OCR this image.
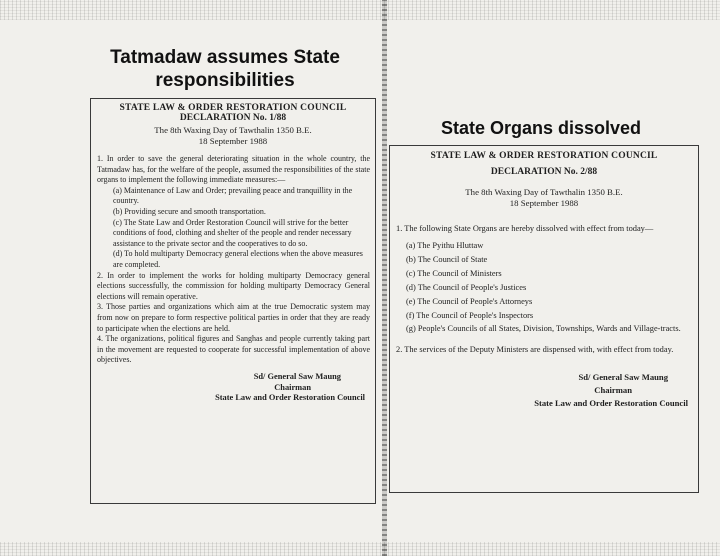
Tatmadaw assumes State responsibilities

STATE LAW & ORDER RESTORATION COUNCIL

DECLARATION No. 1/88

The 8th Waxing Day of Tawthalin 1350 B.E.

18 September 1988

1. In order to save the general deteriorating situation in the whole country, the Tatmadaw has, for the welfare of the people, assumed the responsibilities of the state organs to implement the following immediate measures:—

(a) Maintenance of Law and Order; prevailing peace and tranquillity in the country.

(b) Providing secure and smooth transportation.

(c) The State Law and Order Restoration Council will strive for the better conditions of food, clothing and shelter of the people and render necessary assistance to the private sector and the cooperatives to do so.

(d) To hold multiparty Democracy general elections when the above measures are completed.

2. In order to implement the works for holding multiparty Democracy general elections successfully, the commission for holding multiparty Democracy General elections will remain operative.

3. Those parties and organizations which aim at the true Democratic system may from now on prepare to form respective political parties in order that they are ready to participate when the elections are held.

4. The organizations, political figures and Sanghas and people currently taking part in the movement are requested to cooperate for successful implementation of above objectives.

Sd/ General Saw Maung

Chairman

State Law and Order Restoration Council

State Organs dissolved

STATE LAW & ORDER RESTORATION COUNCIL

DECLARATION No. 2/88

The 8th Waxing Day of Tawthalin 1350 B.E.

18 September 1988

1. The following State Organs are hereby dissolved with effect from today—

(a) The Pyithu Hluttaw

(b) The Council of State

(c) The Council of Ministers

(d) The Council of People's Justices

(e) The Council of People's Attorneys

(f) The Council of People's Inspectors

(g) People's Councils of all States, Division, Townships, Wards and Village-tracts.

2. The services of the Deputy Ministers are dispensed with, with effect from today.

Sd/ General Saw Maung

Chairman

State Law and Order Restoration Council
